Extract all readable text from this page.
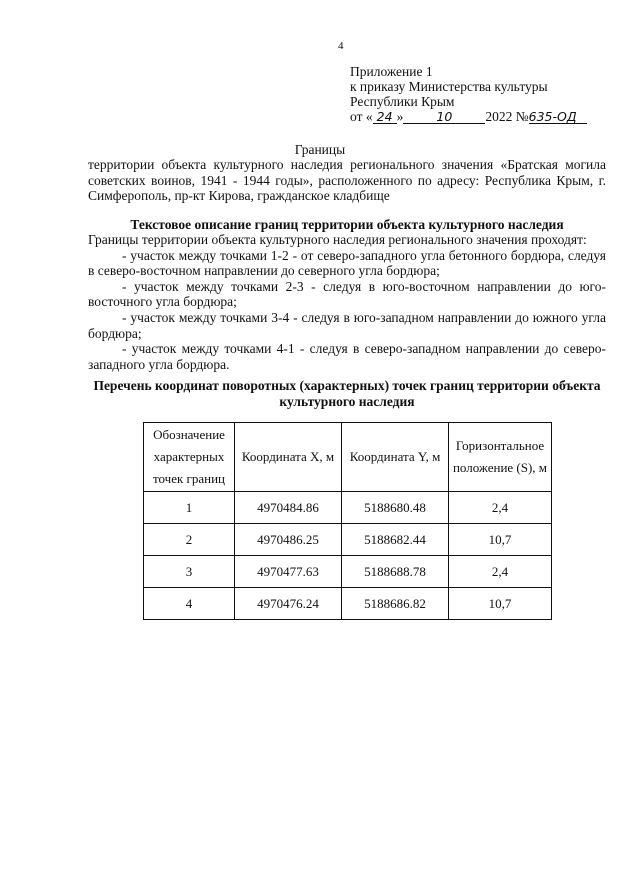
4
Приложение 1
к приказу Министерства культуры
Республики Крым
от « 24 »	10 2022 №635-ОД
Границы
территории объекта культурного наследия регионального значения «Братская могила советских воинов, 1941 - 1944 годы», расположенного по адресу: Республика Крым, г. Симферополь, пр-кт Кирова, гражданское кладбище
Текстовое описание границ территории объекта культурного наследия

Границы территории объекта культурного наследия регионального значения проходят:

- участок между точками 1-2 - от северо-западного угла бетонного бордюра, следуя в северо-восточном направлении до северного угла бордюра;

- участок между точками 2-3 - следуя в юго-восточном направлении до юго-восточного угла бордюра;

- участок между точками 3-4 - следуя в юго-западном направлении до южного угла бордюра;

- участок между точками 4-1 - следуя в северо-западном направлении до северо-западного угла бордюра.

Перечень координат поворотных (характерных) точек границ территории объекта культурного наследия
Обозначение характерных точек границ	Координата X, м	Координата Y, м	Горизонтальное положение (S), м
1	4970484.86	5188680.48	2,4
2	4970486.25	5188682.44	10,7
3	4970477.63	5188688.78	2,4
4	4970476.24	5188686.82	10,7
